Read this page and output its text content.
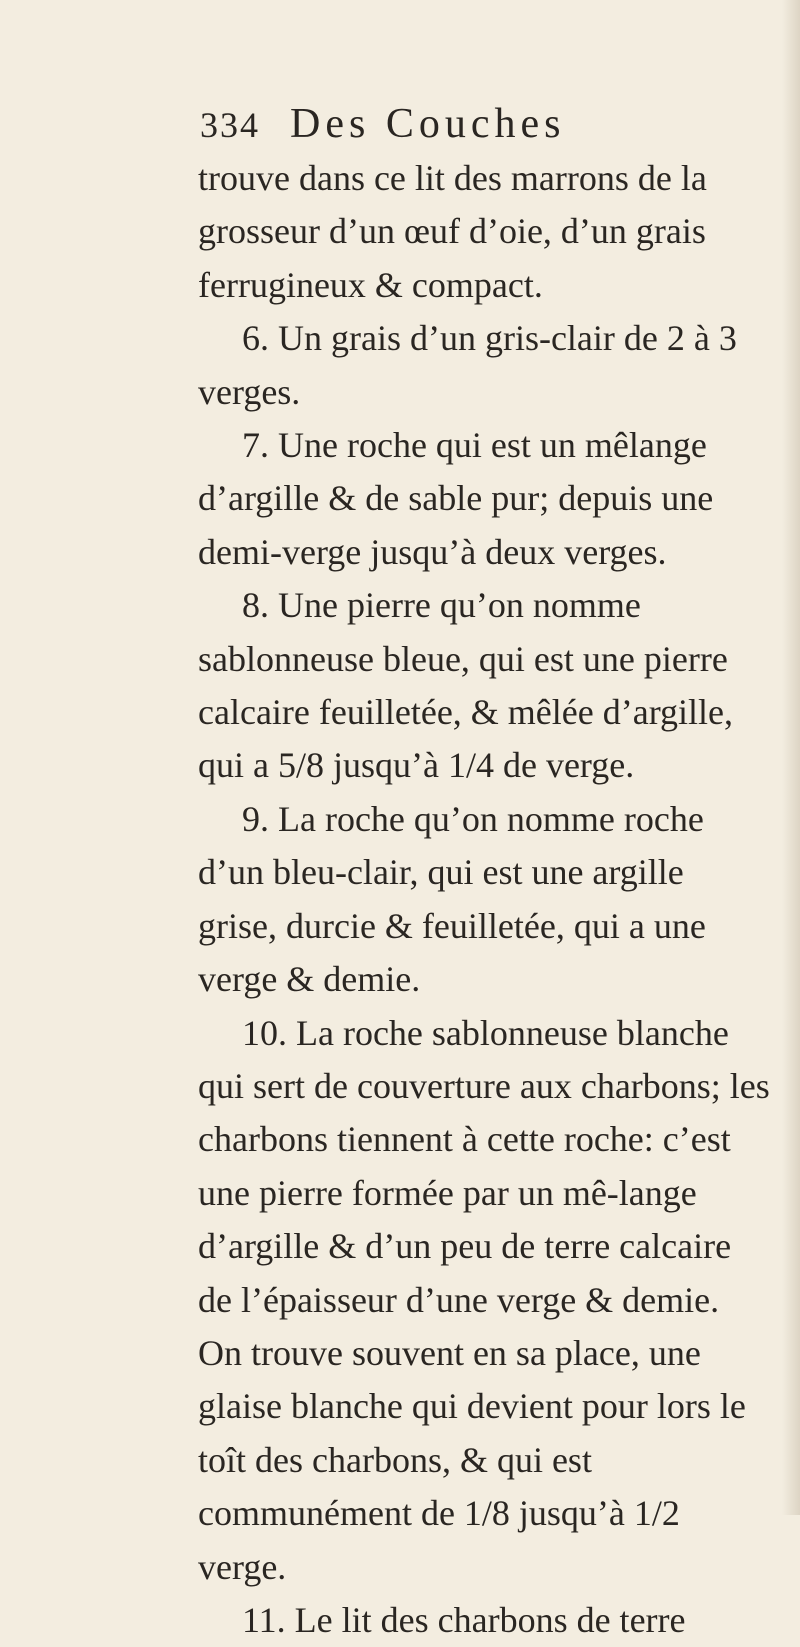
334 Des Couches

trouve dans ce lit des marrons de la grosseur d’un œuf d’oie, d’un grais ferrugineux & compact.

6. Un grais d’un gris-clair de 2 à 3 verges.

7. Une roche qui est un mêlange d’argille & de sable pur; depuis une demi-verge jusqu’à deux verges.

8. Une pierre qu’on nomme sablonneuse bleue, qui est une pierre calcaire feuilletée, & mêlée d’argille, qui a 5/8 jusqu’à 1/4 de verge.

9. La roche qu’on nomme roche d’un bleu-clair, qui est une argille grise, durcie & feuilletée, qui a une verge & demie.

10. La roche sablonneuse blanche qui sert de couverture aux charbons; les charbons tiennent à cette roche: c’est une pierre formée par un mê-lange d’argille & d’un peu de terre calcaire de l’épaisseur d’une verge & demie. On trouve souvent en sa place, une glaise blanche qui devient pour lors le toît des charbons, & qui est communément de 1/8 jusqu’à 1/2 verge.

11. Le lit des charbons de terre
